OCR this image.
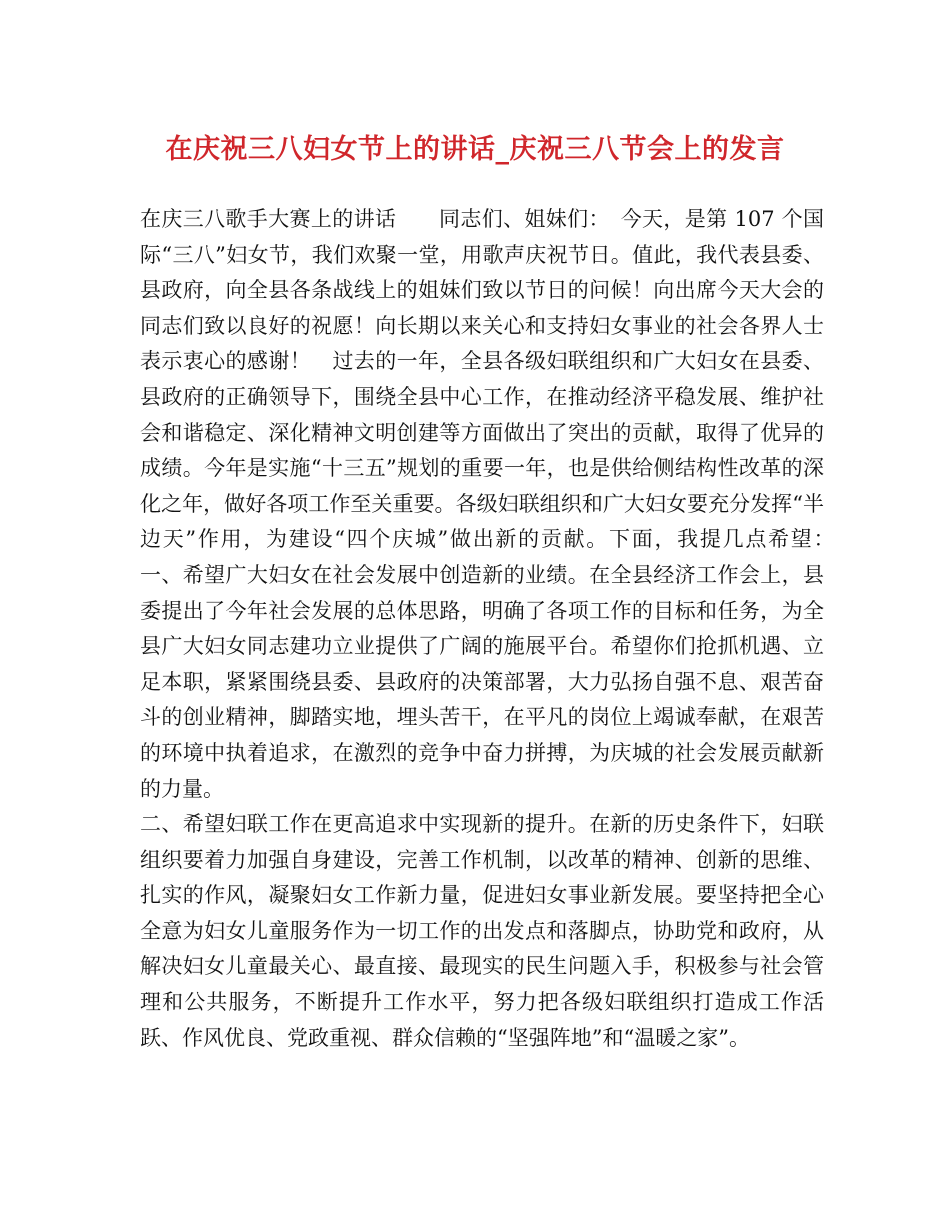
在庆祝三八妇女节上的讲话_庆祝三八节会上的发言

在庆三八歌手大赛上的讲话　　同志们、姐妹们：　今天，是第 107 个国际“三八”妇女节，我们欢聚一堂，用歌声庆祝节日。值此，我代表县委、县政府，向全县各条战线上的姐妹们致以节日的问候！向出席今天大会的同志们致以良好的祝愿！向长期以来关心和支持妇女事业的社会各界人士表示衷心的感谢！　过去的一年，全县各级妇联组织和广大妇女在县委、县政府的正确领导下，围绕全县中心工作，在推动经济平稳发展、维护社会和谐稳定、深化精神文明创建等方面做出了突出的贡献，取得了优异的成绩。今年是实施“十三五”规划的重要一年，也是供给侧结构性改革的深化之年，做好各项工作至关重要。各级妇联组织和广大妇女要充分发挥“半边天”作用，为建设“四个庆城”做出新的贡献。下面，我提几点希望：　一、希望广大妇女在社会发展中创造新的业绩。在全县经济工作会上，县委提出了今年社会发展的总体思路，明确了各项工作的目标和任务，为全县广大妇女同志建功立业提供了广阔的施展平台。希望你们抢抓机遇、立足本职，紧紧围绕县委、县政府的决策部署，大力弘扬自强不息、艰苦奋斗的创业精神，脚踏实地，埋头苦干，在平凡的岗位上竭诚奉献，在艰苦的环境中执着追求，在激烈的竞争中奋力拼搏，为庆城的社会发展贡献新的力量。

二、希望妇联工作在更高追求中实现新的提升。在新的历史条件下，妇联组织要着力加强自身建设，完善工作机制，以改革的精神、创新的思维、扎实的作风，凝聚妇女工作新力量，促进妇女事业新发展。要坚持把全心全意为妇女儿童服务作为一切工作的出发点和落脚点，协助党和政府，从解决妇女儿童最关心、最直接、最现实的民生问题入手，积极参与社会管理和公共服务，不断提升工作水平，努力把各级妇联组织打造成工作活跃、作风优良、党政重视、群众信赖的“坚强阵地”和“温暖之家”。
